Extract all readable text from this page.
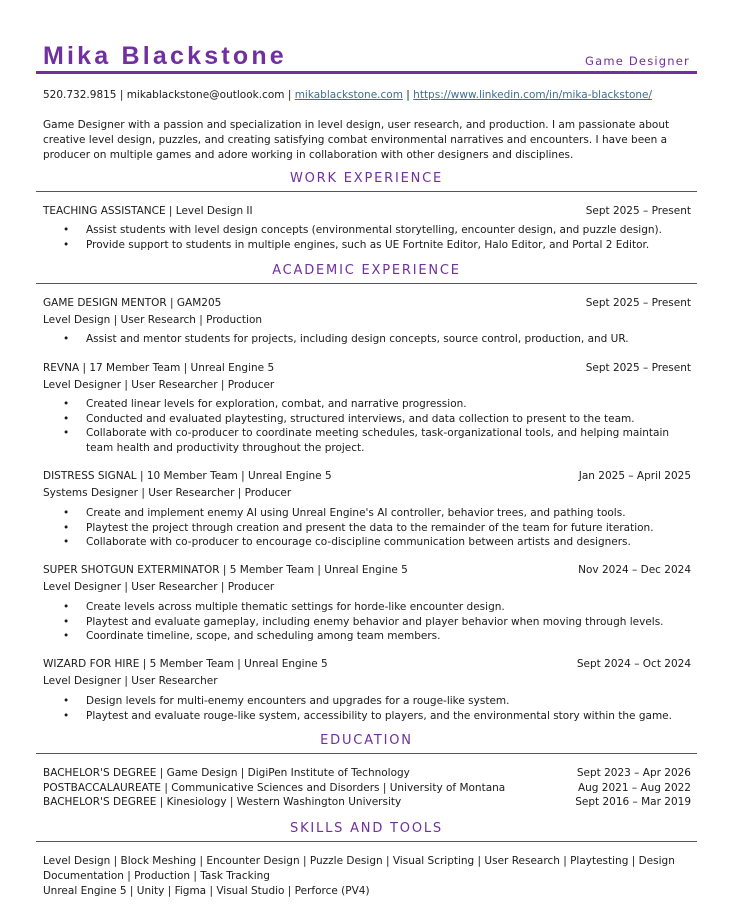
Mika Blackstone	Game Designer
520.732.9815 | mikablackstone@outlook.com | mikablackstone.com | https://www.linkedin.com/in/mika-blackstone/
Game Designer with a passion and specialization in level design, user research, and production. I am passionate about creative level design, puzzles, and creating satisfying combat environmental narratives and encounters. I have been a producer on multiple games and adore working in collaboration with other designers and disciplines.
WORK EXPERIENCE
TEACHING ASSISTANCE | Level Design II	Sept 2025 – Present
• Assist students with level design concepts (environmental storytelling, encounter design, and puzzle design).
• Provide support to students in multiple engines, such as UE Fortnite Editor, Halo Editor, and Portal 2 Editor.
ACADEMIC EXPERIENCE
GAME DESIGN MENTOR | GAM205	Sept 2025 – Present
Level Design | User Research | Production
• Assist and mentor students for projects, including design concepts, source control, production, and UR.
REVNA | 17 Member Team | Unreal Engine 5	Sept 2025 – Present
Level Designer | User Researcher | Producer
• Created linear levels for exploration, combat, and narrative progression.
• Conducted and evaluated playtesting, structured interviews, and data collection to present to the team.
• Collaborate with co-producer to coordinate meeting schedules, task-organizational tools, and helping maintain team health and productivity throughout the project.
DISTRESS SIGNAL | 10 Member Team | Unreal Engine 5	Jan 2025 – April 2025
Systems Designer | User Researcher | Producer
• Create and implement enemy AI using Unreal Engine's AI controller, behavior trees, and pathing tools.
• Playtest the project through creation and present the data to the remainder of the team for future iteration.
• Collaborate with co-producer to encourage co-discipline communication between artists and designers.
SUPER SHOTGUN EXTERMINATOR | 5 Member Team | Unreal Engine 5	Nov 2024 – Dec 2024
Level Designer | User Researcher | Producer
• Create levels across multiple thematic settings for horde-like encounter design.
• Playtest and evaluate gameplay, including enemy behavior and player behavior when moving through levels.
• Coordinate timeline, scope, and scheduling among team members.
WIZARD FOR HIRE | 5 Member Team | Unreal Engine 5	Sept 2024 – Oct 2024
Level Designer | User Researcher
• Design levels for multi-enemy encounters and upgrades for a rouge-like system.
• Playtest and evaluate rouge-like system, accessibility to players, and the environmental story within the game.
EDUCATION
BACHELOR'S DEGREE | Game Design | DigiPen Institute of Technology	Sept 2023 – Apr 2026
POSTBACCALAUREATE | Communicative Sciences and Disorders | University of Montana	Aug 2021 – Aug 2022
BACHELOR'S DEGREE | Kinesiology | Western Washington University	Sept 2016 – Mar 2019
SKILLS AND TOOLS
Level Design | Block Meshing | Encounter Design | Puzzle Design | Visual Scripting | User Research | Playtesting | Design Documentation | Production | Task Tracking
Unreal Engine 5 | Unity | Figma | Visual Studio | Perforce (PV4)
